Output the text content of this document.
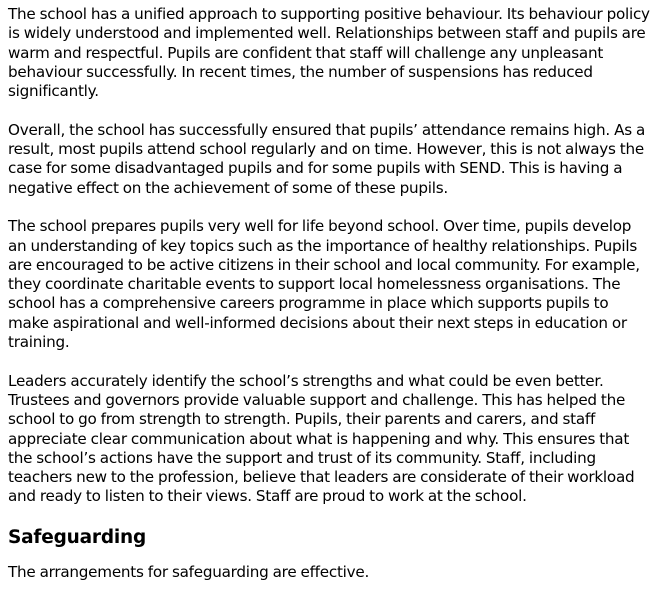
The school has a unified approach to supporting positive behaviour. Its behaviour policy is widely understood and implemented well. Relationships between staff and pupils are warm and respectful. Pupils are confident that staff will challenge any unpleasant behaviour successfully. In recent times, the number of suspensions has reduced significantly.

Overall, the school has successfully ensured that pupils’ attendance remains high. As a result, most pupils attend school regularly and on time. However, this is not always the case for some disadvantaged pupils and for some pupils with SEND. This is having a negative effect on the achievement of some of these pupils.

The school prepares pupils very well for life beyond school. Over time, pupils develop an understanding of key topics such as the importance of healthy relationships. Pupils are encouraged to be active citizens in their school and local community. For example, they coordinate charitable events to support local homelessness organisations. The school has a comprehensive careers programme in place which supports pupils to make aspirational and well-informed decisions about their next steps in education or training.

Leaders accurately identify the school’s strengths and what could be even better. Trustees and governors provide valuable support and challenge. This has helped the school to go from strength to strength. Pupils, their parents and carers, and staff appreciate clear communication about what is happening and why. This ensures that the school’s actions have the support and trust of its community. Staff, including teachers new to the profession, believe that leaders are considerate of their workload and ready to listen to their views. Staff are proud to work at the school.

Safeguarding

The arrangements for safeguarding are effective.
